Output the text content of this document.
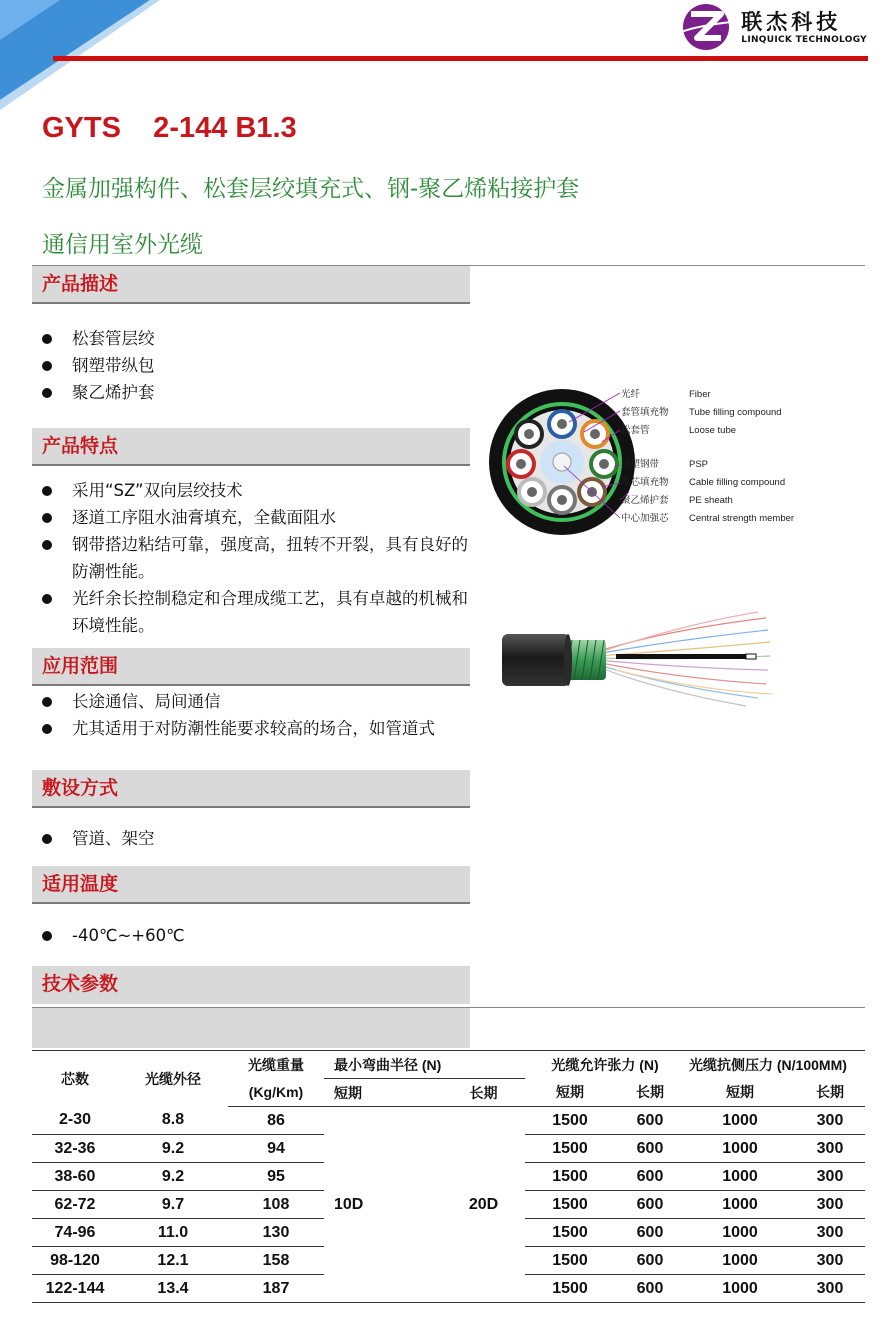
联杰科技
LINQUICK TECHNOLOGY
GYTS    2-144 B1.3
金属加强构件、松套层绞填充式、钢-聚乙烯粘接护套
通信用室外光缆
产品描述
松套管层绞
钢塑带纵包
聚乙烯护套
产品特点
采用“SZ”双向层绞技术
逐道工序阻水油膏填充，全截面阻水
钢带搭边粘结可靠，强度高，扭转不开裂，具有良好的防潮性能。
光纤余长控制稳定和合理成缆工艺，具有卓越的机械和环境性能。
应用范围
长途通信、局间通信
尤其适用于对防潮性能要求较高的场合，如管道式
敷设方式
管道、架空
适用温度
-40℃~+60℃
技术参数
光纤	Fiber
套管填充物 Tube filling compound
松套管	Loose tube
涂塑钢带	PSP
缆芯填充物 Cable filling compound
聚乙烯护套 PE sheath
中心加强芯 Central strength member
芯数	光缆外径	光缆重量	最小弯曲半径 (N)		光缆允许张力 (N)		光缆抗侧压力 (N/100MM)	
		(Kg/Km)	短期	长期	短期	长期	短期	长期
2-30	8.8	86	10D	20D	1500	600	1000	300
32-36	9.2	94			1500	600	1000	300
38-60	9.2	95			1500	600	1000	300
62-72	9.7	108			1500	600	1000	300
74-96	11.0	130			1500	600	1000	300
98-120	12.1	158			1500	600	1000	300
122-144	13.4	187			1500	600	1000	300
